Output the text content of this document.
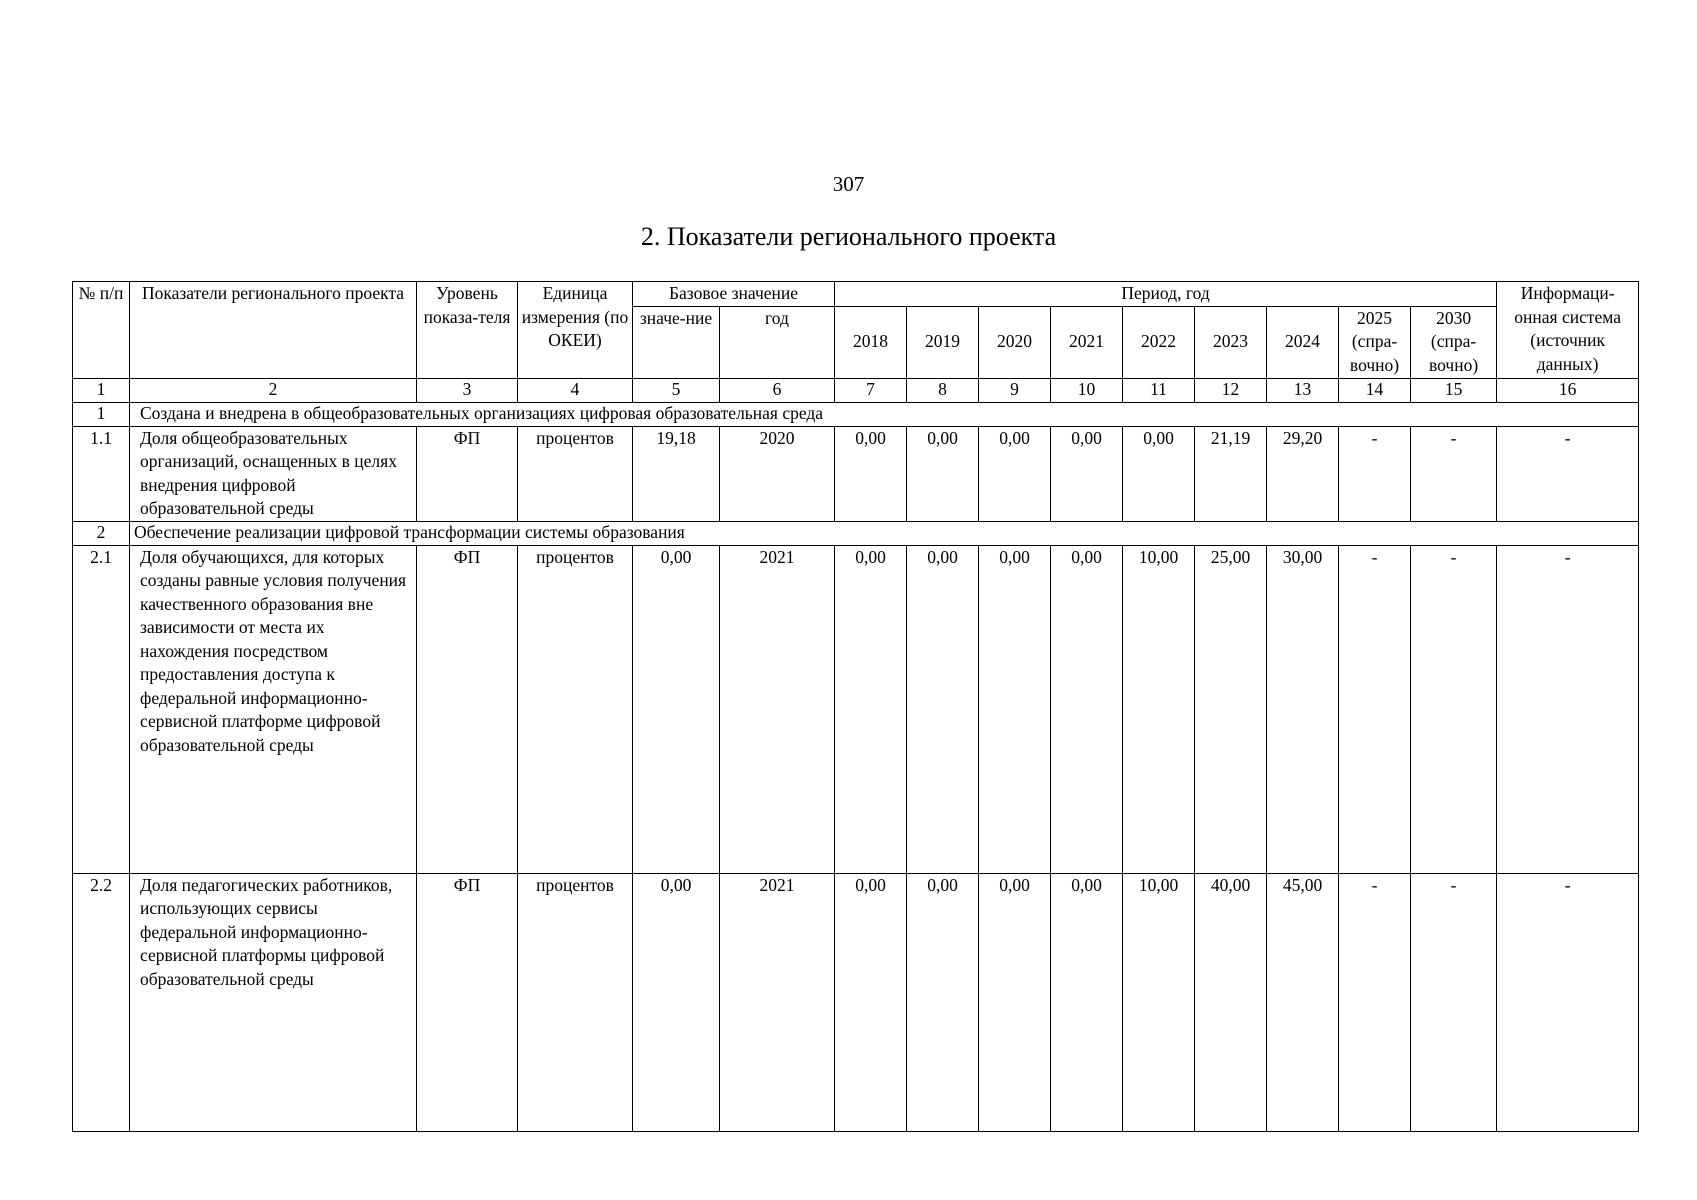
307
2. Показатели регионального проекта
№ п/п	Показатели регионального проекта	Уровень показа-теля	Единица измерения (по ОКЕИ)	Базовое значение		Период, год									Информаци-онная система (источник данных)
				значе-ние	год	2018	2019	2020	2021	2022	2023	2024	2025 (спра-вочно)	2030 (спра-вочно)	
1	2	3	4	5	6	7	8	9	10	11	12	13	14	15	16
1	Создана и внедрена в общеобразовательных организациях цифровая образовательная среда														
1.1	Доля общеобразовательных организаций, оснащенных в целях внедрения цифровой образовательной среды	ФП	процентов	19,18	2020	0,00	0,00	0,00	0,00	0,00	21,19	29,20	-	-	-
2	Обеспечение реализации цифровой трансформации системы образования														
2.1	Доля обучающихся, для которых созданы равные условия получения качественного образования вне зависимости от места их нахождения посредством предоставления доступа к федеральной информационно-сервисной платформе цифровой образовательной среды	ФП	процентов	0,00	2021	0,00	0,00	0,00	0,00	10,00	25,00	30,00	-	-	-
2.2	Доля педагогических работников, использующих сервисы федеральной информационно-сервисной платформы цифровой образовательной среды	ФП	процентов	0,00	2021	0,00	0,00	0,00	0,00	10,00	40,00	45,00	-	-	-
